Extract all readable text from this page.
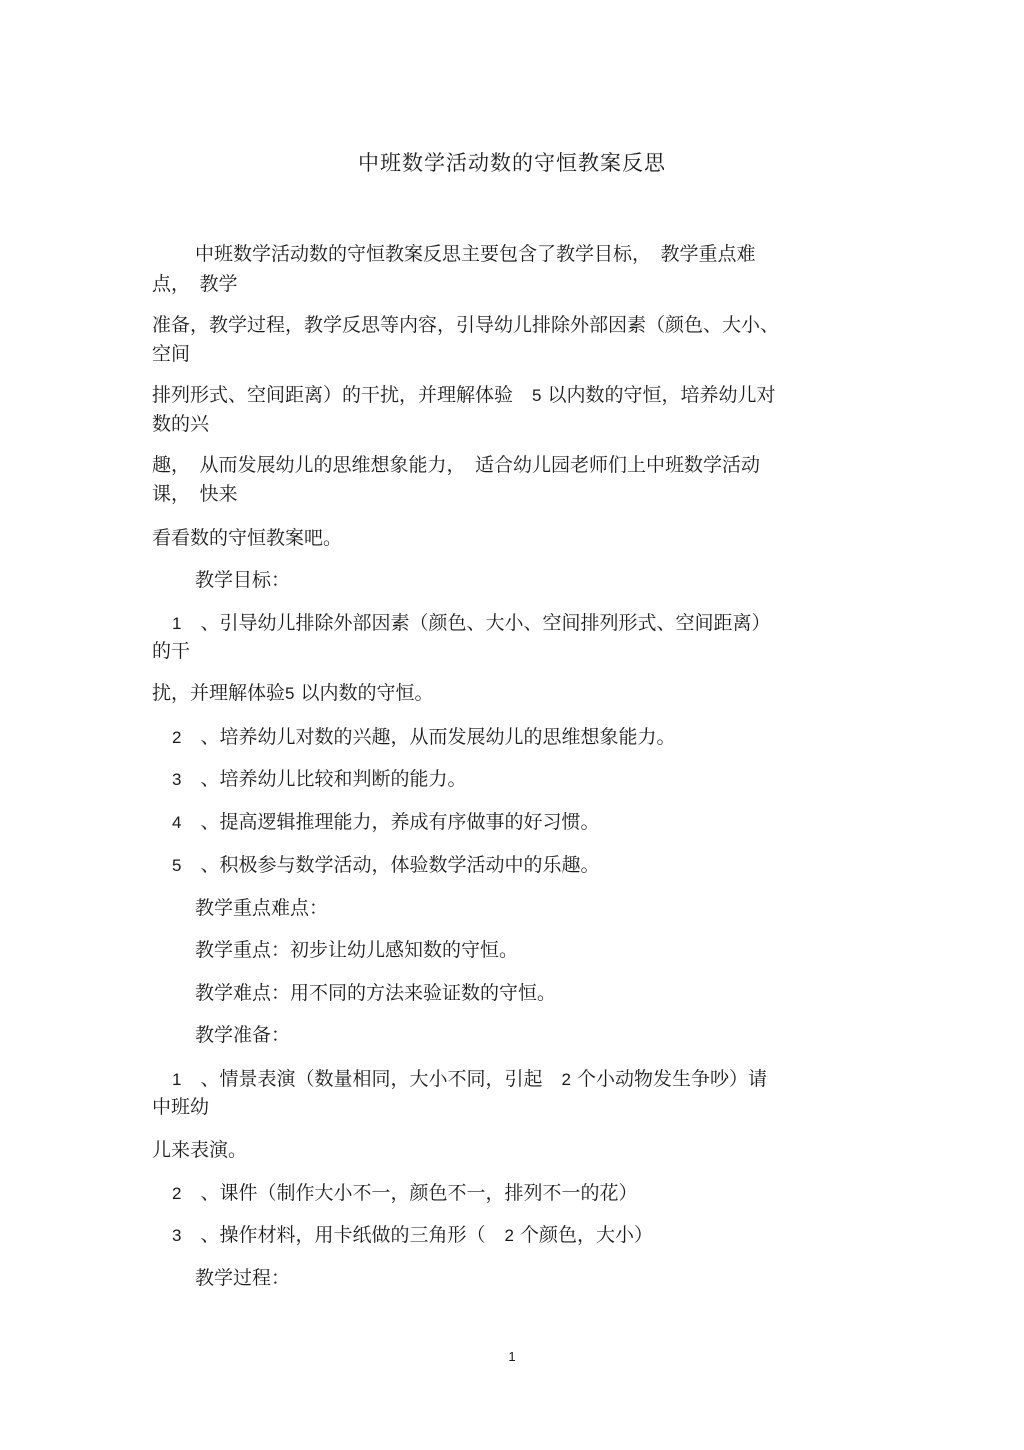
中班数学活动数的守恒教案反思
中班数学活动数的守恒教案反思主要包含了教学目标，　教学重点难
点，　教学
准备，教学过程，教学反思等内容，引导幼儿排除外部因素（颜色、大小、
空间
排列形式、空间距离）的干扰，并理解体验　5 以内数的守恒，培养幼儿对
数的兴
趣，　从而发展幼儿的思维想象能力，　适合幼儿园老师们上中班数学活动
课，　快来
看看数的守恒教案吧。
教学目标：
1　、引导幼儿排除外部因素（颜色、大小、空间排列形式、空间距离）
的干
扰，并理解体验5 以内数的守恒。
2　、培养幼儿对数的兴趣，从而发展幼儿的思维想象能力。
3　、培养幼儿比较和判断的能力。
4　、提高逻辑推理能力，养成有序做事的好习惯。
5　、积极参与数学活动，体验数学活动中的乐趣。
教学重点难点：
教学重点：初步让幼儿感知数的守恒。
教学难点：用不同的方法来验证数的守恒。
教学准备：
1　、情景表演（数量相同，大小不同，引起　2 个小动物发生争吵）请
中班幼
儿来表演。
2　、课件（制作大小不一，颜色不一，排列不一的花）
3　、操作材料，用卡纸做的三角形（　2 个颜色，大小）
教学过程：
1
